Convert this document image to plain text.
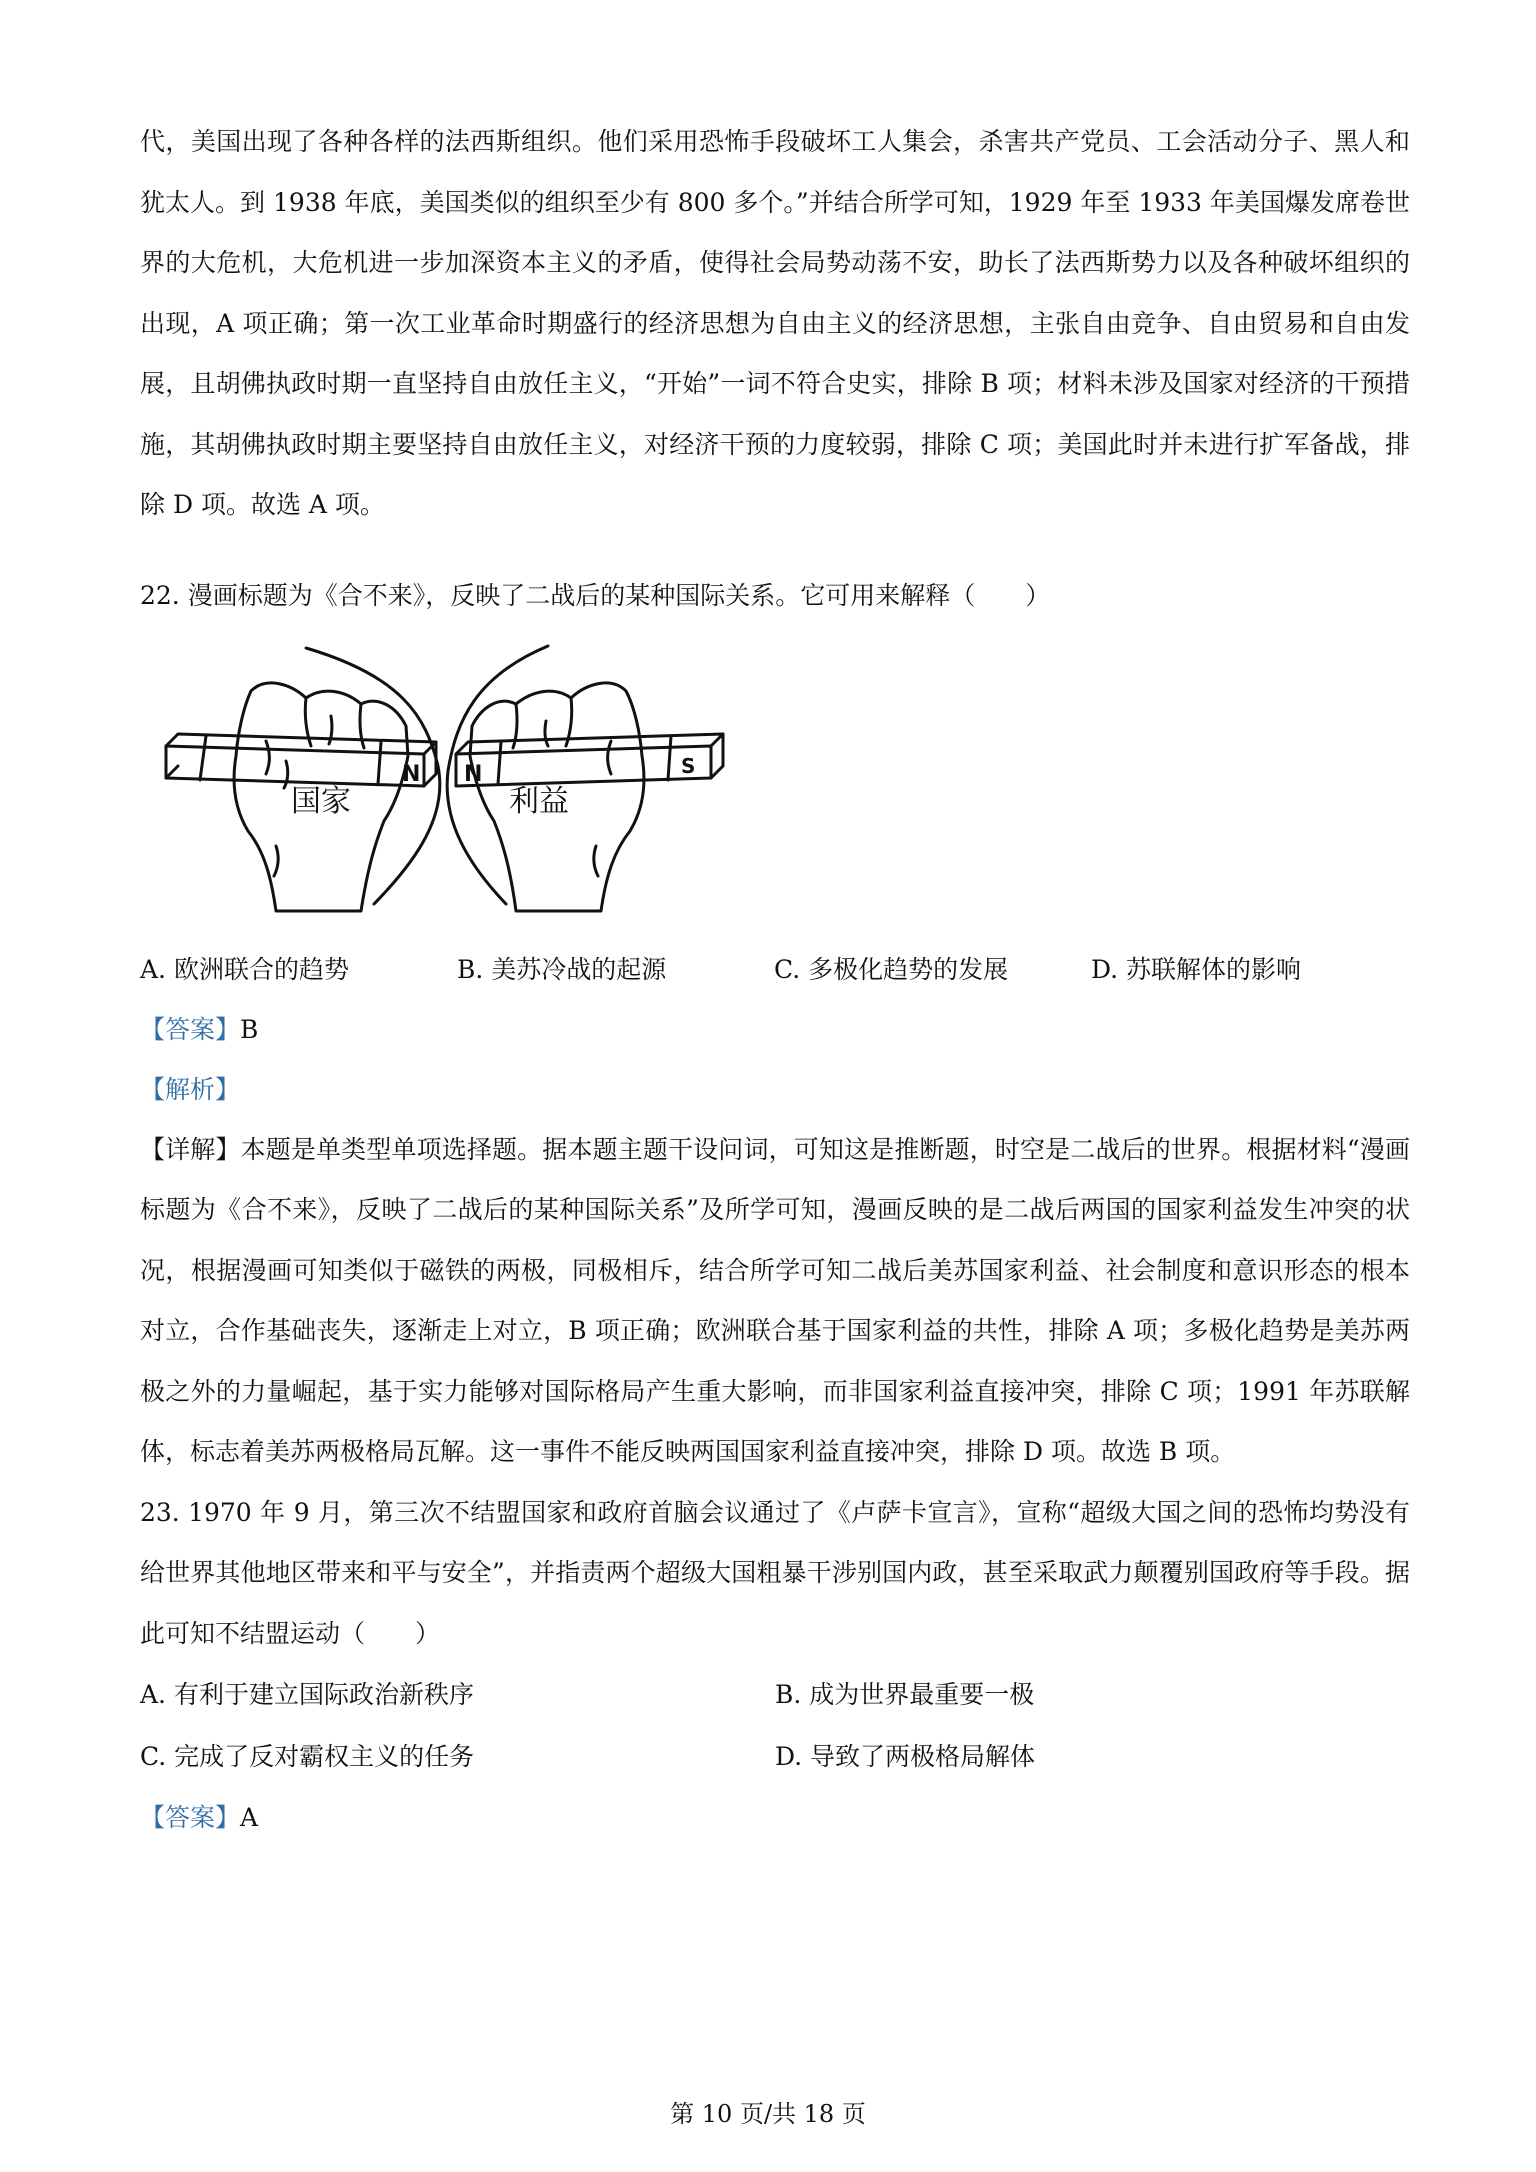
代，美国出现了各种各样的法西斯组织。他们采用恐怖手段破坏工人集会，杀害共产党员、工会活动分子、黑人和犹太人。到 1938 年底，美国类似的组织至少有 800 多个。”并结合所学可知，1929 年至 1933 年美国爆发席卷世界的大危机，大危机进一步加深资本主义的矛盾，使得社会局势动荡不安，助长了法西斯势力以及各种破坏组织的出现，A 项正确；第一次工业革命时期盛行的经济思想为自由主义的经济思想，主张自由竞争、自由贸易和自由发展，且胡佛执政时期一直坚持自由放任主义，“开始”一词不符合史实，排除 B 项；材料未涉及国家对经济的干预措施，其胡佛执政时期主要坚持自由放任主义，对经济干预的力度较弱，排除 C 项；美国此时并未进行扩军备战，排除 D 项。故选 A 项。

22. 漫画标题为《合不来》，反映了二战后的某种国际关系。它可用来解释（　　）

N N	S
国家	利益
A. 欧洲联合的趋势	B. 美苏冷战的起源	C. 多极化趋势的发展	D. 苏联解体的影响

【答案】B

【解析】

【详解】本题是单类型单项选择题。据本题主题干设问词，可知这是推断题，时空是二战后的世界。根据材料“漫画标题为《合不来》，反映了二战后的某种国际关系”及所学可知，漫画反映的是二战后两国的国家利益发生冲突的状况，根据漫画可知类似于磁铁的两极，同极相斥，结合所学可知二战后美苏国家利益、社会制度和意识形态的根本对立，合作基础丧失，逐渐走上对立，B 项正确；欧洲联合基于国家利益的共性，排除 A 项；多极化趋势是美苏两极之外的力量崛起，基于实力能够对国际格局产生重大影响，而非国家利益直接冲突，排除 C 项；1991 年苏联解体，标志着美苏两极格局瓦解。这一事件不能反映两国国家利益直接冲突，排除 D 项。故选 B 项。

23. 1970 年 9 月，第三次不结盟国家和政府首脑会议通过了《卢萨卡宣言》，宣称“超级大国之间的恐怖均势没有给世界其他地区带来和平与安全”，并指责两个超级大国粗暴干涉别国内政，甚至采取武力颠覆别国政府等手段。据此可知不结盟运动（　　）

A. 有利于建立国际政治新秩序	B. 成为世界最重要一极
C. 完成了反对霸权主义的任务	D. 导致了两极格局解体

【答案】A

第 10 页/共 18 页
